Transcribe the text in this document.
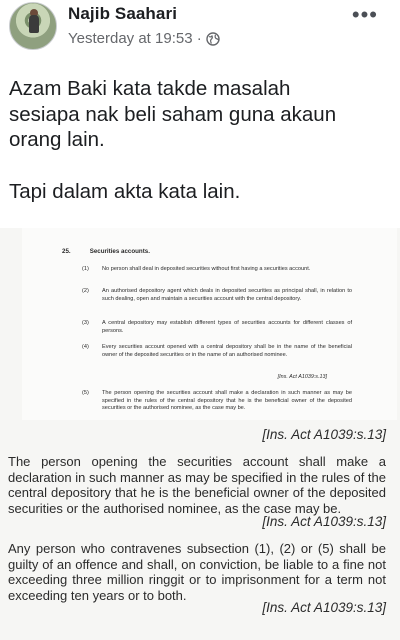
Najib Saahari
Yesterday at 19:53 ·
•••

Azam Baki kata takde masalah

sesiapa nak beli saham guna akaun

orang lain.

Tapi dalam akta kata lain.

25.	Securities accounts.
(1) No person shall deal in deposited securities without first having a securities account.
(2) An authorised depository agent which deals in deposited securities as principal shall, in relation to such dealing, open and maintain a securities account with the central depository.
(3) A central depository may establish different types of securities accounts for different classes of persons.
(4) Every securities account opened with a central depository shall be in the name of the beneficial owner of the deposited securities or in the name of an authorised nominee.
[Ins. Act A1039:s.13]
(5) The person opening the securities account shall make a declaration in such manner as may be specified in the rules of the central depository that he is the beneficial owner of the deposited securities or the authorised nominee, as the case may be.
[Ins. Act A1039:s.13]
The person opening the securities account shall make a declaration in such manner as may be specified in the rules of the central depository that he is the beneficial owner of the deposited securities or the authorised nominee, as the case may be.
[Ins. Act A1039:s.13]
Any person who contravenes subsection (1), (2) or (5) shall be guilty of an offence and shall, on conviction, be liable to a fine not exceeding three million ringgit or to imprisonment for a term not exceeding ten years or to both.
[Ins. Act A1039:s.13]
